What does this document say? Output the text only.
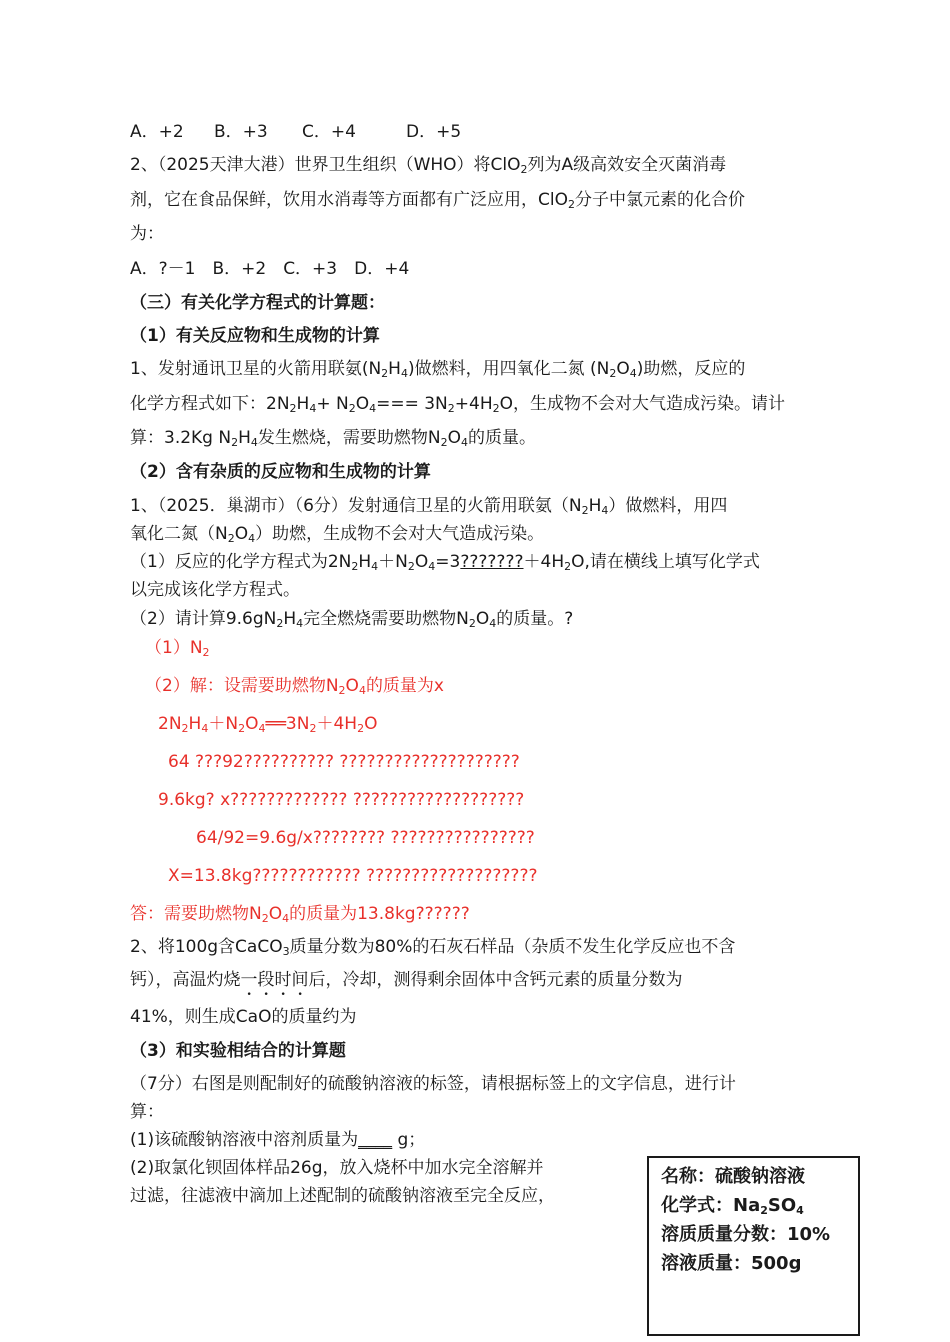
A．+2 B．+3 C．+4	D．+5
2、（2025天津大港）世界卫生组织（WHO）将ClO$_2$列为A级高效安全灭菌消毒
剂，它在食品保鲜，饮用水消毒等方面都有广泛应用，ClO$_2$分子中氯元素的化合价
为：
A．?－1　B．+2　C．+3　D．+4
（三）有关化学方程式的计算题：
（1）有关反应物和生成物的计算
1、发射通讯卫星的火箭用联氨$(N_2H_4)$做燃料，用四氧化二氮 $(N_2O_4)$助燃，反应的
化学方程式如下：$2N_2H_4+ N_2O_4=== 3N_2+4H_2O$，生成物不会对大气造成污染。请计
算：3.2Kg $N_2H_4$发生燃烧，需要助燃物$N_2O_4$的质量。
（2）含有杂质的反应物和生成物的计算
1、（2025．巢湖市）（6分）发射通信卫星的火箭用联氨$(N_2H_4)$做燃料，用四
氧化二氮$(N_2O_4)$助燃，生成物不会对大气造成污染。
（1）反应的化学方程式为$2N_2H_4+N_2O_4=3???????+4H_2O$,请在横线上填写化学式
以完成该化学方程式。
（2）请计算$9.6gN_2H_4$完全燃烧需要助燃物$N_2O_4$的质量。?
$(1)N_2$
（2）解：设需要助燃物$N_2O_4$的质量为x
$2N_2H_4+N_2O_4══3N_2+4H_2O$
64 ???92?????????? ????????????????????
9.6kg? x????????????? ???????????????????
64/92=9.6g/x???????? ????????????????
X=13.8kg???????????? ???????????????????
答：需要助燃物$N_2O_4$的质量为13.8kg??????
2、将100g含CaCO$_3$质量分数为80%的石灰石样品（杂质不发生化学反应也不含
钙），高温灼烧一段时间后，冷却，测得剩余固体中含钙元素的质量分数为
41%，则生成CaO的质量约为
（3）和实验相结合的计算题
（7分）右图是则配制好的硫酸钠溶液的标签，请根据标签上的文字信息，进行计
算：
(1)该硫酸钠溶液中溶剂质量为____ g；
(2)取氯化钡固体样品26g，放入烧杯中加水完全溶解并
过滤，往滤液中滴加上述配制的硫酸钠溶液至完全反应，
名称：硫酸钠溶液
化学式：$Na_2SO_4$
溶质质量分数：10%
溶液质量：500g
